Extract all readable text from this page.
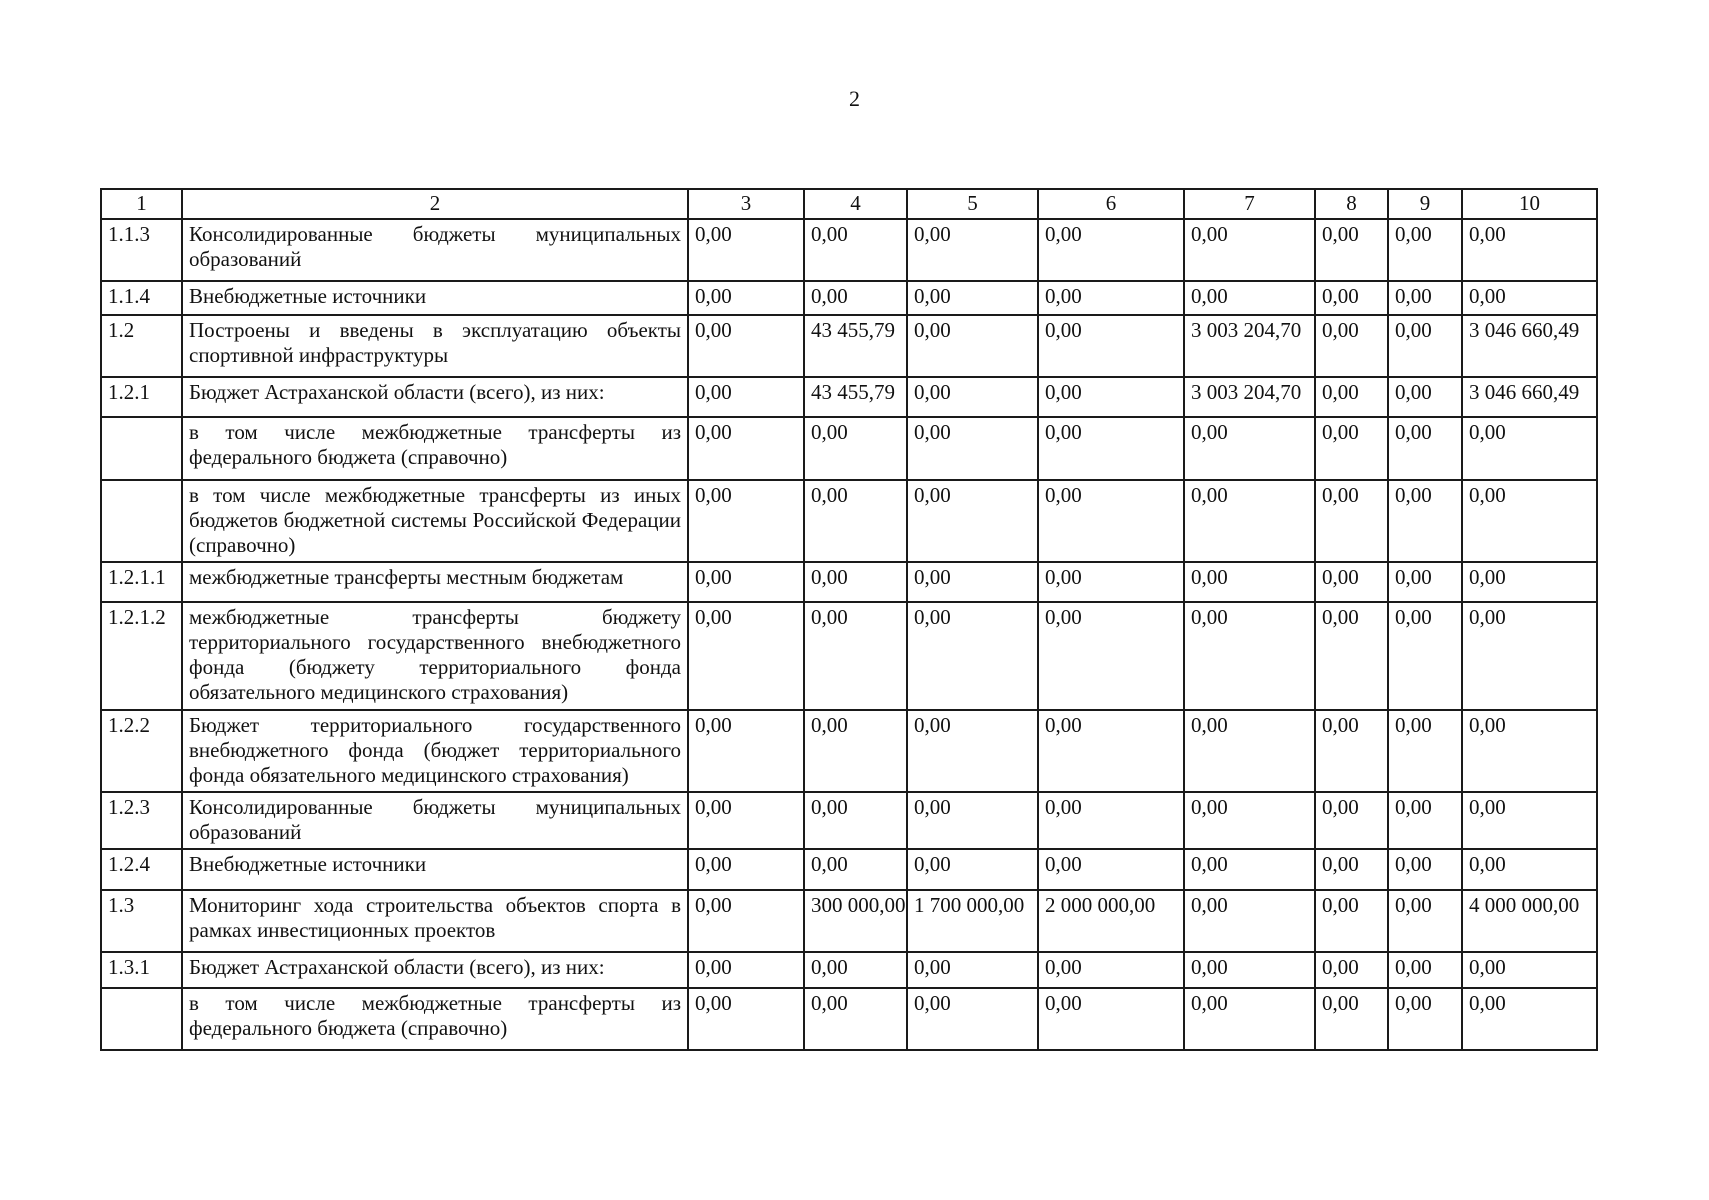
2
1	2	3	4	5	6	7	8	9	10
1.1.3	Консолидированные бюджеты муниципальных образований	0,00	0,00	0,00	0,00	0,00	0,00	0,00	0,00
1.1.4	Внебюджетные источники	0,00	0,00	0,00	0,00	0,00	0,00	0,00	0,00
1.2	Построены и введены в эксплуатацию объекты спортивной инфраструктуры	0,00	43 455,79	0,00	0,00	3 003 204,70	0,00	0,00	3 046 660,49
1.2.1	Бюджет Астраханской области (всего), из них:	0,00	43 455,79	0,00	0,00	3 003 204,70	0,00	0,00	3 046 660,49
	в том числе межбюджетные трансферты из федерального бюджета (справочно)	0,00	0,00	0,00	0,00	0,00	0,00	0,00	0,00
	в том числе межбюджетные трансферты из иных бюджетов бюджетной системы Российской Федерации (справочно)	0,00	0,00	0,00	0,00	0,00	0,00	0,00	0,00
1.2.1.1	межбюджетные трансферты местным бюджетам	0,00	0,00	0,00	0,00	0,00	0,00	0,00	0,00
1.2.1.2	межбюджетные трансферты бюджету территориального государственного внебюджетного фонда (бюджету территориального фонда обязательного медицинского страхования)	0,00	0,00	0,00	0,00	0,00	0,00	0,00	0,00
1.2.2	Бюджет территориального государственного внебюджетного фонда (бюджет территориального фонда обязательного медицинского страхования)	0,00	0,00	0,00	0,00	0,00	0,00	0,00	0,00
1.2.3	Консолидированные бюджеты муниципальных образований	0,00	0,00	0,00	0,00	0,00	0,00	0,00	0,00
1.2.4	Внебюджетные источники	0,00	0,00	0,00	0,00	0,00	0,00	0,00	0,00
1.3	Мониторинг хода строительства объектов спорта в рамках инвестиционных проектов	0,00	300 000,00	1 700 000,00	2 000 000,00	0,00	0,00	0,00	4 000 000,00
1.3.1	Бюджет Астраханской области (всего), из них:	0,00	0,00	0,00	0,00	0,00	0,00	0,00	0,00
	в том числе межбюджетные трансферты из федерального бюджета (справочно)	0,00	0,00	0,00	0,00	0,00	0,00	0,00	0,00
